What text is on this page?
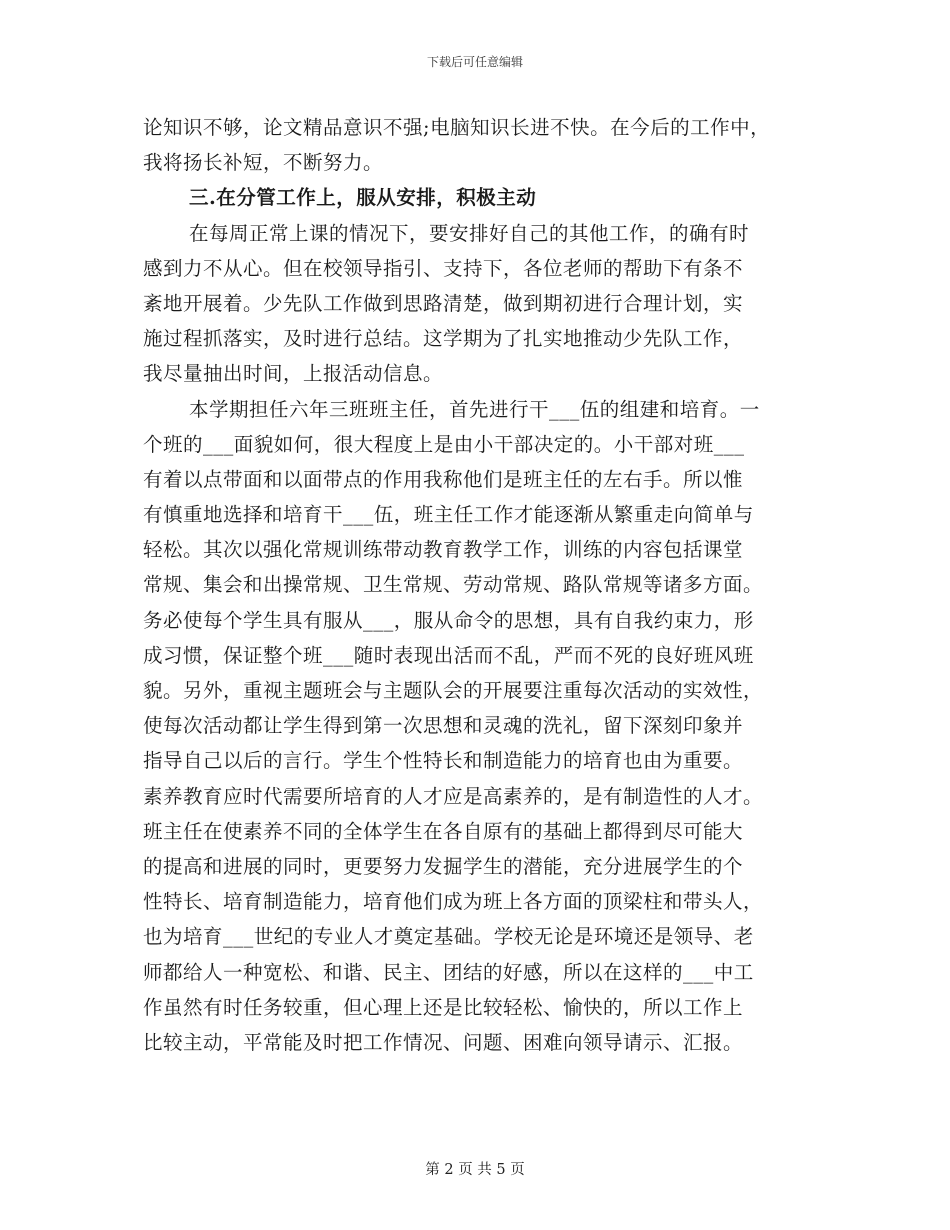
下载后可任意编辑
论知识不够，论文精品意识不强;电脑知识长进不快。在今后的工作中，
我将扬长补短，不断努力。
三.在分管工作上，服从安排，积极主动
在每周正常上课的情况下，要安排好自己的其他工作，的确有时
感到力不从心。但在校领导指引、支持下，各位老师的帮助下有条不
紊地开展着。少先队工作做到思路清楚，做到期初进行合理计划，实
施过程抓落实，及时进行总结。这学期为了扎实地推动少先队工作，
我尽量抽出时间，上报活动信息。
本学期担任六年三班班主任，首先进行干___伍的组建和培育。一
个班的___面貌如何，很大程度上是由小干部决定的。小干部对班___
有着以点带面和以面带点的作用我称他们是班主任的左右手。所以惟
有慎重地选择和培育干___伍，班主任工作才能逐渐从繁重走向简单与
轻松。其次以强化常规训练带动教育教学工作，训练的内容包括课堂
常规、集会和出操常规、卫生常规、劳动常规、路队常规等诸多方面。
务必使每个学生具有服从___，服从命令的思想，具有自我约束力，形
成习惯，保证整个班___随时表现出活而不乱，严而不死的良好班风班
貌。另外，重视主题班会与主题队会的开展要注重每次活动的实效性，
使每次活动都让学生得到第一次思想和灵魂的洗礼，留下深刻印象并
指导自己以后的言行。学生个性特长和制造能力的培育也由为重要。
素养教育应时代需要所培育的人才应是高素养的，是有制造性的人才。
班主任在使素养不同的全体学生在各自原有的基础上都得到尽可能大
的提高和进展的同时，更要努力发掘学生的潜能，充分进展学生的个
性特长、培育制造能力，培育他们成为班上各方面的顶梁柱和带头人，
也为培育___世纪的专业人才奠定基础。学校无论是环境还是领导、老
师都给人一种宽松、和谐、民主、团结的好感，所以在这样的___中工
作虽然有时任务较重，但心理上还是比较轻松、愉快的，所以工作上
比较主动，平常能及时把工作情况、问题、困难向领导请示、汇报。
第 2 页 共 5 页
